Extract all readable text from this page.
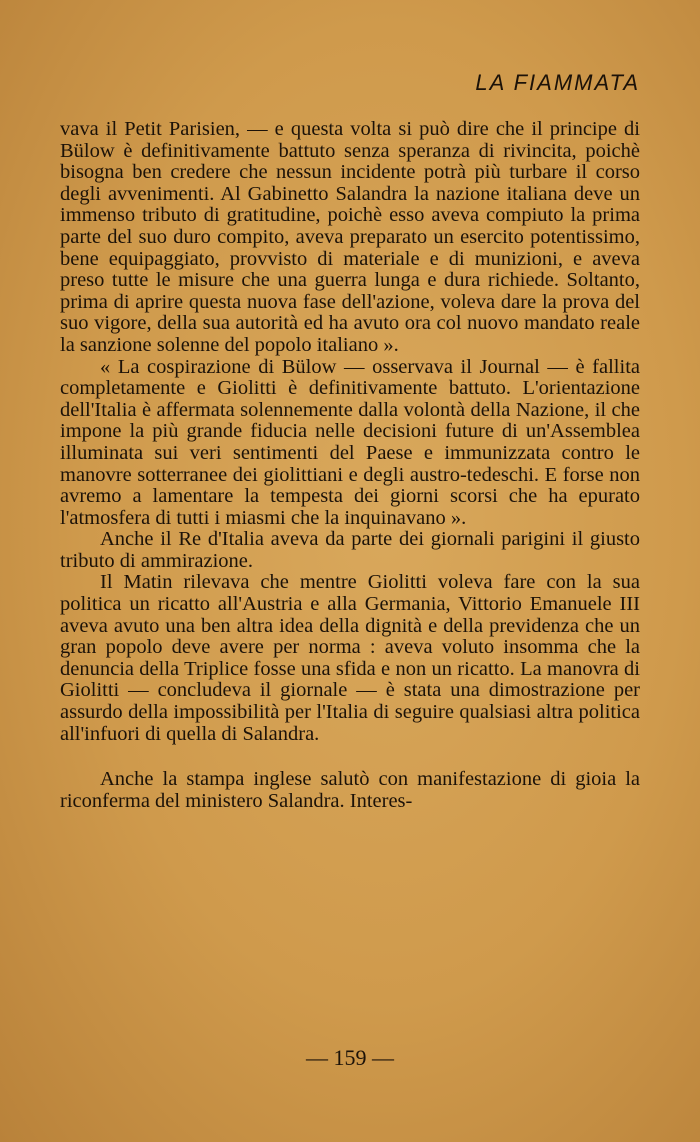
LA FIAMMATA

vava il Petit Parisien, — e questa volta si può dire che il principe di Bülow è definitivamente battuto senza speranza di rivincita, poichè bisogna ben credere che nessun incidente potrà più turbare il corso degli avvenimenti. Al Gabinetto Salandra la nazione italiana deve un immenso tributo di gratitudine, poichè esso aveva compiuto la prima parte del suo duro compito, aveva preparato un esercito potentissimo, bene equipaggiato, provvisto di materiale e di munizioni, e aveva preso tutte le misure che una guerra lunga e dura richiede. Soltanto, prima di aprire questa nuova fase dell'azione, voleva dare la prova del suo vigore, della sua autorità ed ha avuto ora col nuovo mandato reale la sanzione solenne del popolo italiano ».

« La cospirazione di Bülow — osservava il Journal — è fallita completamente e Giolitti è definitivamente battuto. L'orientazione dell'Italia è affermata solennemente dalla volontà della Nazione, il che impone la più grande fiducia nelle decisioni future di un'Assemblea illuminata sui veri sentimenti del Paese e immunizzata contro le manovre sotterranee dei giolittiani e degli austro-tedeschi. E forse non avremo a lamentare la tempesta dei giorni scorsi che ha epurato l'atmosfera di tutti i miasmi che la inquinavano ».

Anche il Re d'Italia aveva da parte dei giornali parigini il giusto tributo di ammirazione.

Il Matin rilevava che mentre Giolitti voleva fare con la sua politica un ricatto all'Austria e alla Germania, Vittorio Emanuele III aveva avuto una ben altra idea della dignità e della previdenza che un gran popolo deve avere per norma : aveva voluto insomma che la denuncia della Triplice fosse una sfida e non un ricatto. La manovra di Giolitti — concludeva il giornale — è stata una dimostrazione per assurdo della impossibilità per l'Italia di seguire qualsiasi altra politica all'infuori di quella di Salandra.

Anche la stampa inglese salutò con manifestazione di gioia la riconferma del ministero Salandra. Interes-

— 159 —
